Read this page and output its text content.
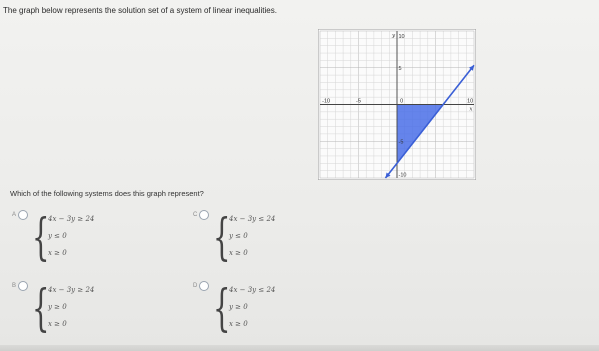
The graph below represents the solution set of a system of linear inequalities.
-10	-5	0	10
10
5
-5
-10
x
y
Which of the following systems does this graph represent?
A {
4x − 3y ≥ 24
y ≤ 0
x ≥ 0
B {
4x − 3y ≥ 24
y ≥ 0
x ≥ 0
C {
4x − 3y ≤ 24
y ≤ 0
x ≥ 0
D {
4x − 3y ≤ 24
y ≥ 0
x ≥ 0
